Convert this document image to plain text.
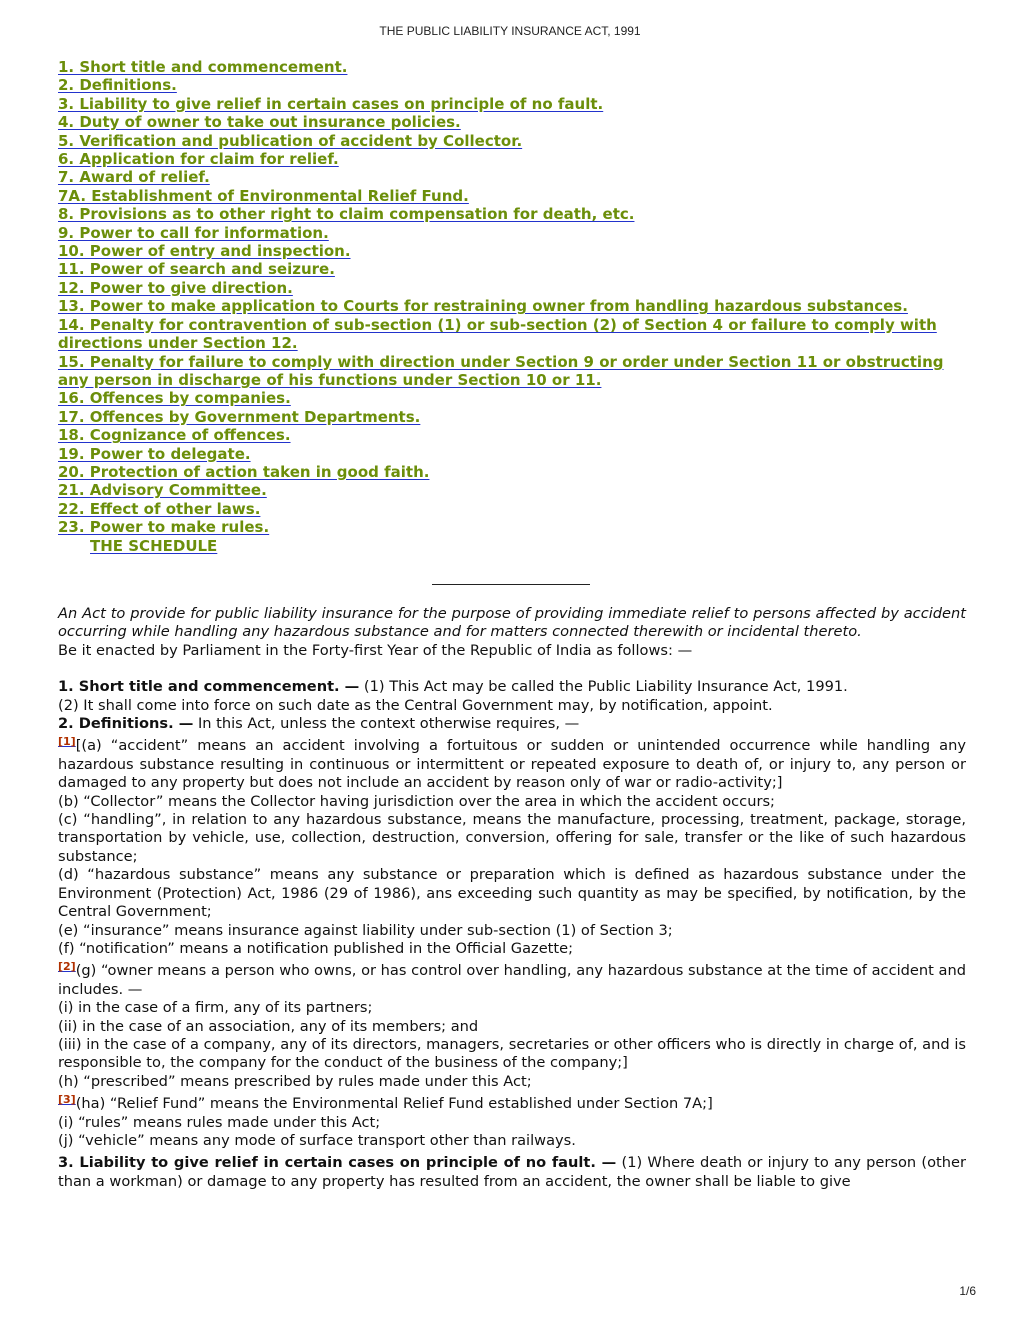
THE PUBLIC LIABILITY INSURANCE ACT, 1991
1. Short title and commencement.
2. Definitions.
3. Liability to give relief in certain cases on principle of no fault.
4. Duty of owner to take out insurance policies.
5. Verification and publication of accident by Collector.
6. Application for claim for relief.
7. Award of relief.
7A. Establishment of Environmental Relief Fund.
8. Provisions as to other right to claim compensation for death, etc.
9. Power to call for information.
10. Power of entry and inspection.
11. Power of search and seizure.
12. Power to give direction.
13. Power to make application to Courts for restraining owner from handling hazardous substances.
14. Penalty for contravention of sub-section (1) or sub-section (2) of Section 4 or failure to comply with directions under Section 12.
15. Penalty for failure to comply with direction under Section 9 or order under Section 11 or obstructing any person in discharge of his functions under Section 10 or 11.
16. Offences by companies.
17. Offences by Government Departments.
18. Cognizance of offences.
19. Power to delegate.
20. Protection of action taken in good faith.
21. Advisory Committee.
22. Effect of other laws.
23. Power to make rules.
THE SCHEDULE

An Act to provide for public liability insurance for the purpose of providing immediate relief to persons affected by accident occurring while handling any hazardous substance and for matters connected therewith or incidental thereto.

Be it enacted by Parliament in the Forty-first Year of the Republic of India as follows: —

1. Short title and commencement. — (1) This Act may be called the Public Liability Insurance Act, 1991.

(2) It shall come into force on such date as the Central Government may, by notification, appoint.

2. Definitions. — In this Act, unless the context otherwise requires, —

[1][(a) “accident” means an accident involving a fortuitous or sudden or unintended occurrence while handling any hazardous substance resulting in continuous or intermittent or repeated exposure to death of, or injury to, any person or damaged to any property but does not include an accident by reason only of war or radio-activity;]

(b) “Collector” means the Collector having jurisdiction over the area in which the accident occurs;

(c) “handling”, in relation to any hazardous substance, means the manufacture, processing, treatment, package, storage, transportation by vehicle, use, collection, destruction, conversion, offering for sale, transfer or the like of such hazardous substance;

(d) “hazardous substance” means any substance or preparation which is defined as hazardous substance under the Environment (Protection) Act, 1986 (29 of 1986), ans exceeding such quantity as may be specified, by notification, by the Central Government;

(e) “insurance” means insurance against liability under sub-section (1) of Section 3;

(f) “notification” means a notification published in the Official Gazette;

[2](g) “owner means a person who owns, or has control over handling, any hazardous substance at the time of accident and includes. —

(i) in the case of a firm, any of its partners;

(ii) in the case of an association, any of its members; and

(iii) in the case of a company, any of its directors, managers, secretaries or other officers who is directly in charge of, and is responsible to, the company for the conduct of the business of the company;]

(h) “prescribed” means prescribed by rules made under this Act;

[3](ha) “Relief Fund” means the Environmental Relief Fund established under Section 7A;]

(i) “rules” means rules made under this Act;

(j) “vehicle” means any mode of surface transport other than railways.

3. Liability to give relief in certain cases on principle of no fault. — (1) Where death or injury to any person (other than a workman) or damage to any property has resulted from an accident, the owner shall be liable to give

1/6
